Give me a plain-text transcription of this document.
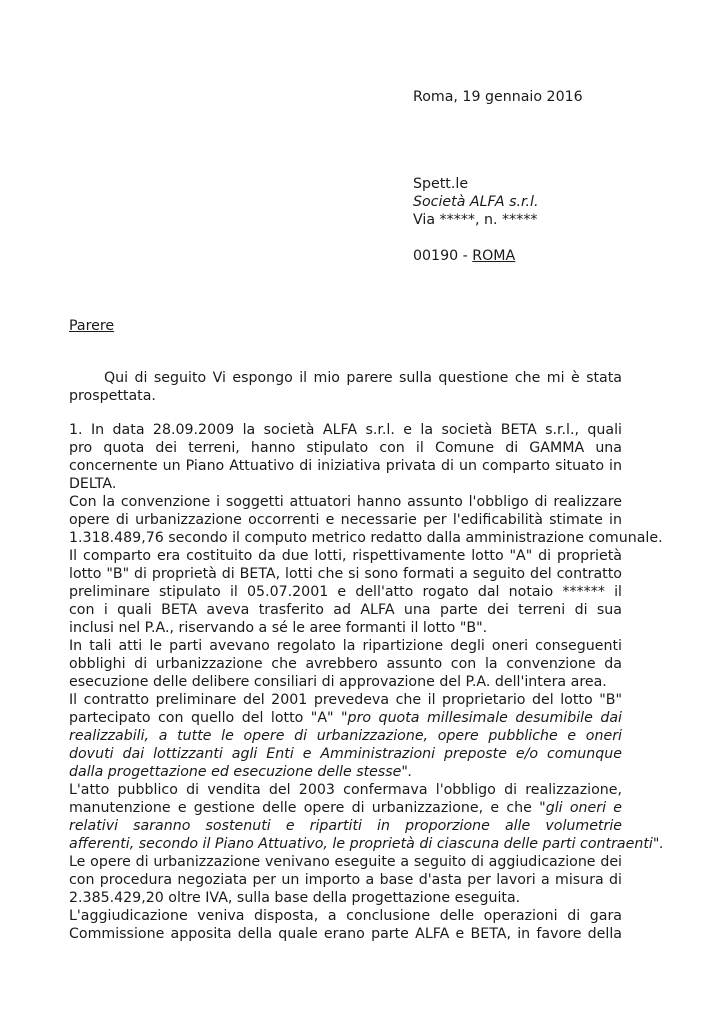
Roma, 19 gennaio 2016
Spett.le
Società ALFA s.r.l.
Via *****, n. *****
00190 - ROMA
Parere
Qui di seguito Vi espongo il mio parere sulla questione che mi è stata
prospettata.
1. In data 28.09.2009 la società ALFA s.r.l. e la società BETA s.r.l., quali
pro quota dei terreni, hanno stipulato con il Comune di GAMMA una
concernente un Piano Attuativo di iniziativa privata di un comparto situato in
DELTA.
Con la convenzione i soggetti attuatori hanno assunto l'obbligo di realizzare
opere di urbanizzazione occorrenti e necessarie per l'edificabilità stimate in
1.318.489,76 secondo il computo metrico redatto dalla amministrazione comunale.
Il comparto era costituito da due lotti, rispettivamente lotto "A" di proprietà
lotto "B" di proprietà di BETA, lotti che si sono formati a seguito del contratto
preliminare stipulato il 05.07.2001 e dell'atto rogato dal notaio ****** il
con i quali BETA aveva trasferito ad ALFA una parte dei terreni di sua
inclusi nel P.A., riservando a sé le aree formanti il lotto "B".
In tali atti le parti avevano regolato la ripartizione degli oneri conseguenti
obblighi di urbanizzazione che avrebbero assunto con la convenzione da
esecuzione delle delibere consiliari di approvazione del P.A. dell'intera area.
Il contratto preliminare del 2001 prevedeva che il proprietario del lotto "B"
partecipato con quello del lotto "A" "pro quota millesimale desumibile dai
realizzabili, a tutte le opere di urbanizzazione, opere pubbliche e oneri
dovuti dai lottizzanti agli Enti e Amministrazioni preposte e/o comunque
dalla progettazione ed esecuzione delle stesse".
L'atto pubblico di vendita del 2003 confermava l'obbligo di realizzazione,
manutenzione e gestione delle opere di urbanizzazione, e che "gli oneri e
relativi saranno sostenuti e ripartiti in proporzione alle volumetrie
afferenti, secondo il Piano Attuativo, le proprietà di ciascuna delle parti contraenti".
Le opere di urbanizzazione venivano eseguite a seguito di aggiudicazione dei
con procedura negoziata per un importo a base d'asta per lavori a misura di
2.385.429,20 oltre IVA, sulla base della progettazione eseguita.
L'aggiudicazione veniva disposta, a conclusione delle operazioni di gara
Commissione apposita della quale erano parte ALFA e BETA, in favore della
